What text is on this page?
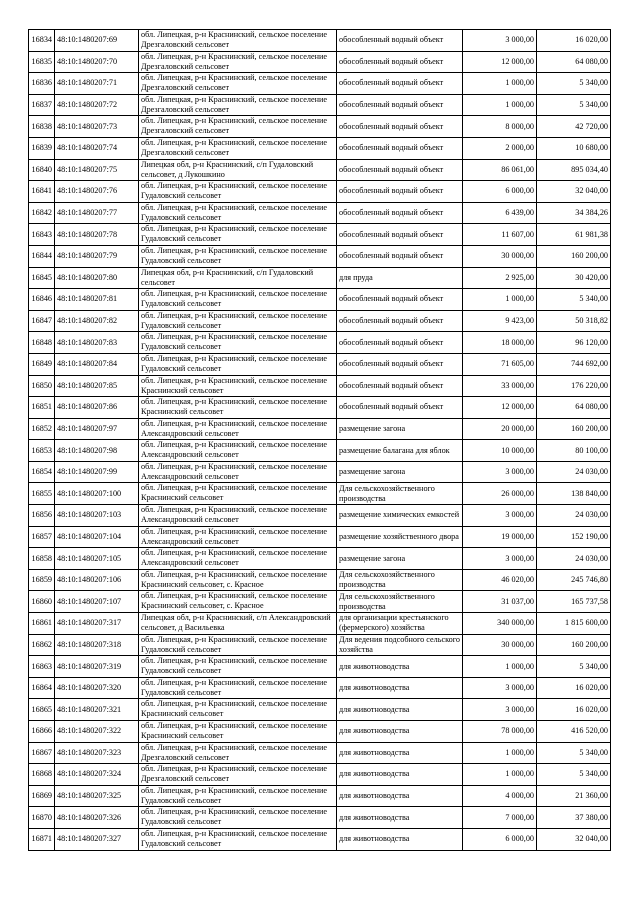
16834	48:10:1480207:69	обл. Липецкая, р-н Краснинский, сельское поселение Дрезгаловский сельсовет	обособленный водный объект	3 000,00	16 020,00
16835	48:10:1480207:70	обл. Липецкая, р-н Краснинский, сельское поселение Дрезгаловский сельсовет	обособленный водный объект	12 000,00	64 080,00
16836	48:10:1480207:71	обл. Липецкая, р-н Краснинский, сельское поселение Дрезгаловский сельсовет	обособленный водный объект	1 000,00	5 340,00
16837	48:10:1480207:72	обл. Липецкая, р-н Краснинский, сельское поселение Дрезгаловский сельсовет	обособленный водный объект	1 000,00	5 340,00
16838	48:10:1480207:73	обл. Липецкая, р-н Краснинский, сельское поселение Дрезгаловский сельсовет	обособленный водный объект	8 000,00	42 720,00
16839	48:10:1480207:74	обл. Липецкая, р-н Краснинский, сельское поселение Дрезгаловский сельсовет	обособленный водный объект	2 000,00	10 680,00
16840	48:10:1480207:75	Липецкая обл, р-н Краснинский, с/п Гудаловский сельсовет, д Лукошкино	обособленный водный объект	86 061,00	895 034,40
16841	48:10:1480207:76	обл. Липецкая, р-н Краснинский, сельское поселение Гудаловский сельсовет	обособленный водный объект	6 000,00	32 040,00
16842	48:10:1480207:77	обл. Липецкая, р-н Краснинский, сельское поселение Гудаловский сельсовет	обособленный водный объект	6 439,00	34 384,26
16843	48:10:1480207:78	обл. Липецкая, р-н Краснинский, сельское поселение Гудаловский сельсовет	обособленный водный объект	11 607,00	61 981,38
16844	48:10:1480207:79	обл. Липецкая, р-н Краснинский, сельское поселение Гудаловский сельсовет	обособленный водный объект	30 000,00	160 200,00
16845	48:10:1480207:80	Липецкая обл, р-н Краснинский, с/п Гудаловский сельсовет	для пруда	2 925,00	30 420,00
16846	48:10:1480207:81	обл. Липецкая, р-н Краснинский, сельское поселение Гудаловский сельсовет	обособленный водный объект	1 000,00	5 340,00
16847	48:10:1480207:82	обл. Липецкая, р-н Краснинский, сельское поселение Гудаловский сельсовет	обособленный водный объект	9 423,00	50 318,82
16848	48:10:1480207:83	обл. Липецкая, р-н Краснинский, сельское поселение Гудаловский сельсовет	обособленный водный объект	18 000,00	96 120,00
16849	48:10:1480207:84	обл. Липецкая, р-н Краснинский, сельское поселение Гудаловский сельсовет	обособленный водный объект	71 605,00	744 692,00
16850	48:10:1480207:85	обл. Липецкая, р-н Краснинский, сельское поселение Краснинский сельсовет	обособленный водный объект	33 000,00	176 220,00
16851	48:10:1480207:86	обл. Липецкая, р-н Краснинский, сельское поселение Краснинский сельсовет	обособленный водный объект	12 000,00	64 080,00
16852	48:10:1480207:97	обл. Липецкая, р-н Краснинский, сельское поселение Александровский сельсовет	размещение загона	20 000,00	160 200,00
16853	48:10:1480207:98	обл. Липецкая, р-н Краснинский, сельское поселение Александровский сельсовет	размещение балагана для яблок	10 000,00	80 100,00
16854	48:10:1480207:99	обл. Липецкая, р-н Краснинский, сельское поселение Александровский сельсовет	размещение загона	3 000,00	24 030,00
16855	48:10:1480207:100	обл. Липецкая, р-н Краснинский, сельское поселение Краснинский сельсовет	Для сельскохозяйственного производства	26 000,00	138 840,00
16856	48:10:1480207:103	обл. Липецкая, р-н Краснинский, сельское поселение Александровский сельсовет	размещение химических емкостей	3 000,00	24 030,00
16857	48:10:1480207:104	обл. Липецкая, р-н Краснинский, сельское поселение Александровский сельсовет	размещение хозяйственного двора	19 000,00	152 190,00
16858	48:10:1480207:105	обл. Липецкая, р-н Краснинский, сельское поселение Александровский сельсовет	размещение загона	3 000,00	24 030,00
16859	48:10:1480207:106	обл. Липецкая, р-н Краснинский, сельское поселение Краснинский сельсовет, с. Красное	Для сельскохозяйственного производства	46 020,00	245 746,80
16860	48:10:1480207:107	обл. Липецкая, р-н Краснинский, сельское поселение Краснинский сельсовет, с. Красное	Для сельскохозяйственного производства	31 037,00	165 737,58
16861	48:10:1480207:317	Липецкая обл, р-н Краснинский, с/п Александровский сельсовет, д Васильевка	для организации крестьянского (фермерского) хозяйства	340 000,00	1 815 600,00
16862	48:10:1480207:318	обл. Липецкая, р-н Краснинский, сельское поселение Гудаловский сельсовет	Для ведения подсобного сельского хозяйства	30 000,00	160 200,00
16863	48:10:1480207:319	обл. Липецкая, р-н Краснинский, сельское поселение Гудаловский сельсовет	для животноводства	1 000,00	5 340,00
16864	48:10:1480207:320	обл. Липецкая, р-н Краснинский, сельское поселение Гудаловский сельсовет	для животноводства	3 000,00	16 020,00
16865	48:10:1480207:321	обл. Липецкая, р-н Краснинский, сельское поселение Краснинский сельсовет	для животноводства	3 000,00	16 020,00
16866	48:10:1480207:322	обл. Липецкая, р-н Краснинский, сельское поселение Краснинский сельсовет	для животноводства	78 000,00	416 520,00
16867	48:10:1480207:323	обл. Липецкая, р-н Краснинский, сельское поселение Дрезгаловский сельсовет	для животноводства	1 000,00	5 340,00
16868	48:10:1480207:324	обл. Липецкая, р-н Краснинский, сельское поселение Дрезгаловский сельсовет	для животноводства	1 000,00	5 340,00
16869	48:10:1480207:325	обл. Липецкая, р-н Краснинский, сельское поселение Гудаловский сельсовет	для животноводства	4 000,00	21 360,00
16870	48:10:1480207:326	обл. Липецкая, р-н Краснинский, сельское поселение Гудаловский сельсовет	для животноводства	7 000,00	37 380,00
16871	48:10:1480207:327	обл. Липецкая, р-н Краснинский, сельское поселение Гудаловский сельсовет	для животноводства	6 000,00	32 040,00
